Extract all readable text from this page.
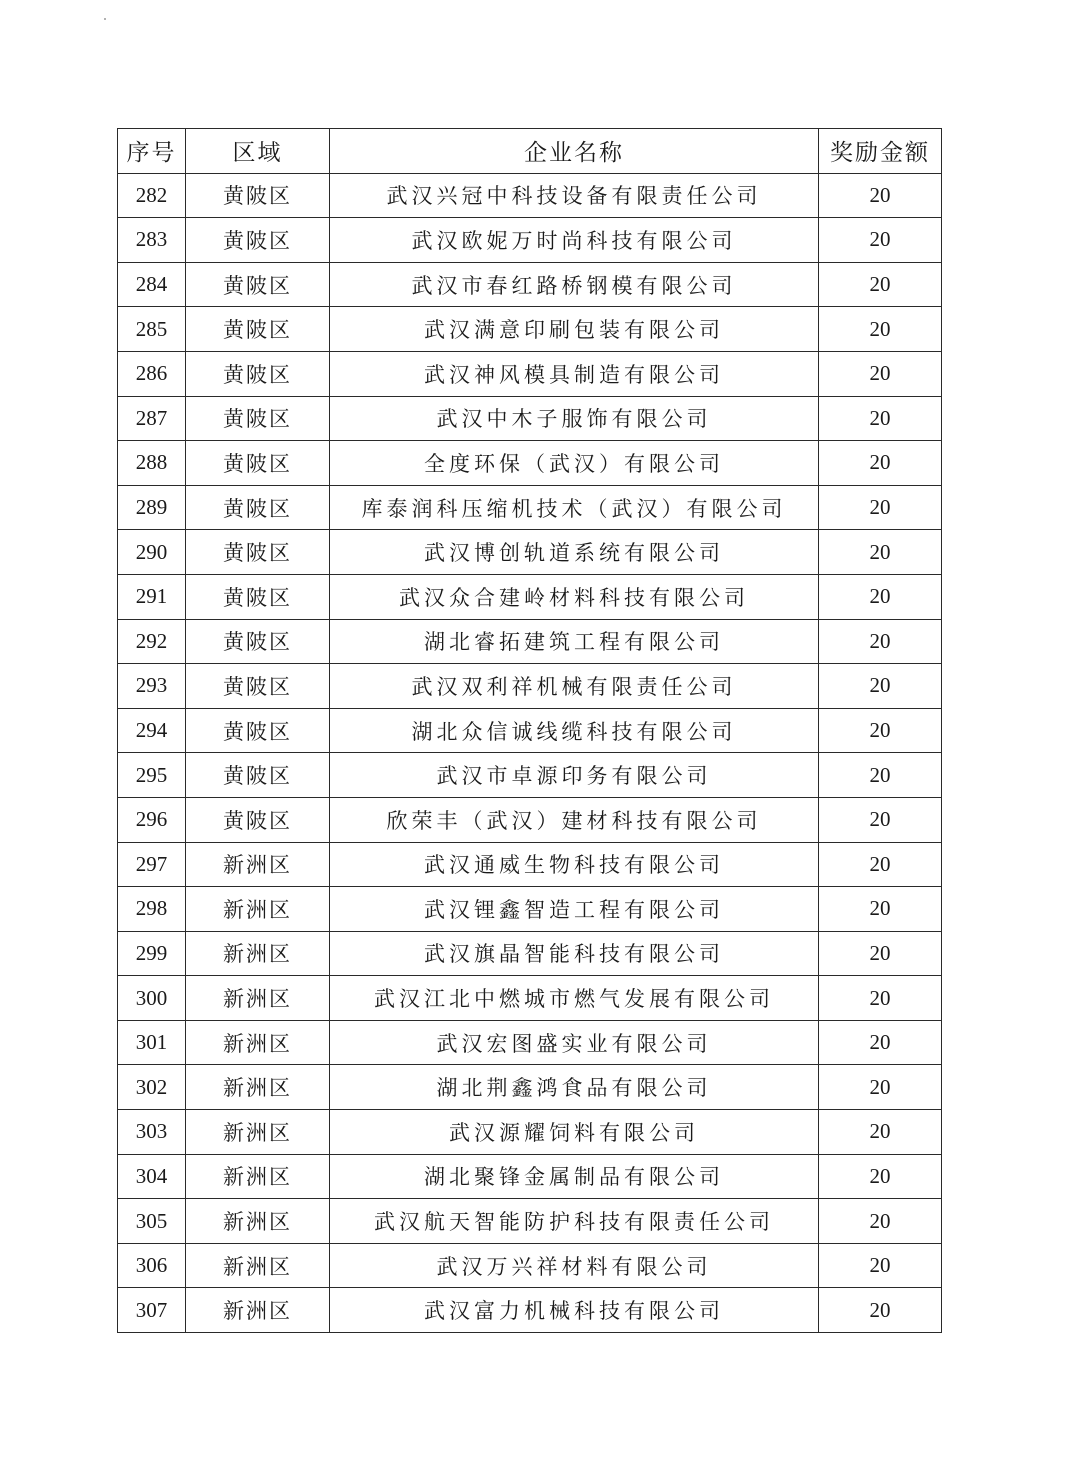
序号	区域	企业名称	奖励金额
282	黄陂区	武汉兴冠中科技设备有限责任公司	20
283	黄陂区	武汉欧妮万时尚科技有限公司	20
284	黄陂区	武汉市春红路桥钢模有限公司	20
285	黄陂区	武汉满意印刷包装有限公司	20
286	黄陂区	武汉神风模具制造有限公司	20
287	黄陂区	武汉中木子服饰有限公司	20
288	黄陂区	全度环保（武汉）有限公司	20
289	黄陂区	库泰润科压缩机技术（武汉）有限公司	20
290	黄陂区	武汉博创轨道系统有限公司	20
291	黄陂区	武汉众合建岭材料科技有限公司	20
292	黄陂区	湖北睿拓建筑工程有限公司	20
293	黄陂区	武汉双利祥机械有限责任公司	20
294	黄陂区	湖北众信诚线缆科技有限公司	20
295	黄陂区	武汉市卓源印务有限公司	20
296	黄陂区	欣荣丰（武汉）建材科技有限公司	20
297	新洲区	武汉通威生物科技有限公司	20
298	新洲区	武汉锂鑫智造工程有限公司	20
299	新洲区	武汉旗晶智能科技有限公司	20
300	新洲区	武汉江北中燃城市燃气发展有限公司	20
301	新洲区	武汉宏图盛实业有限公司	20
302	新洲区	湖北荆鑫鸿食品有限公司	20
303	新洲区	武汉源耀饲料有限公司	20
304	新洲区	湖北聚锋金属制品有限公司	20
305	新洲区	武汉航天智能防护科技有限责任公司	20
306	新洲区	武汉万兴祥材料有限公司	20
307	新洲区	武汉富力机械科技有限公司	20
